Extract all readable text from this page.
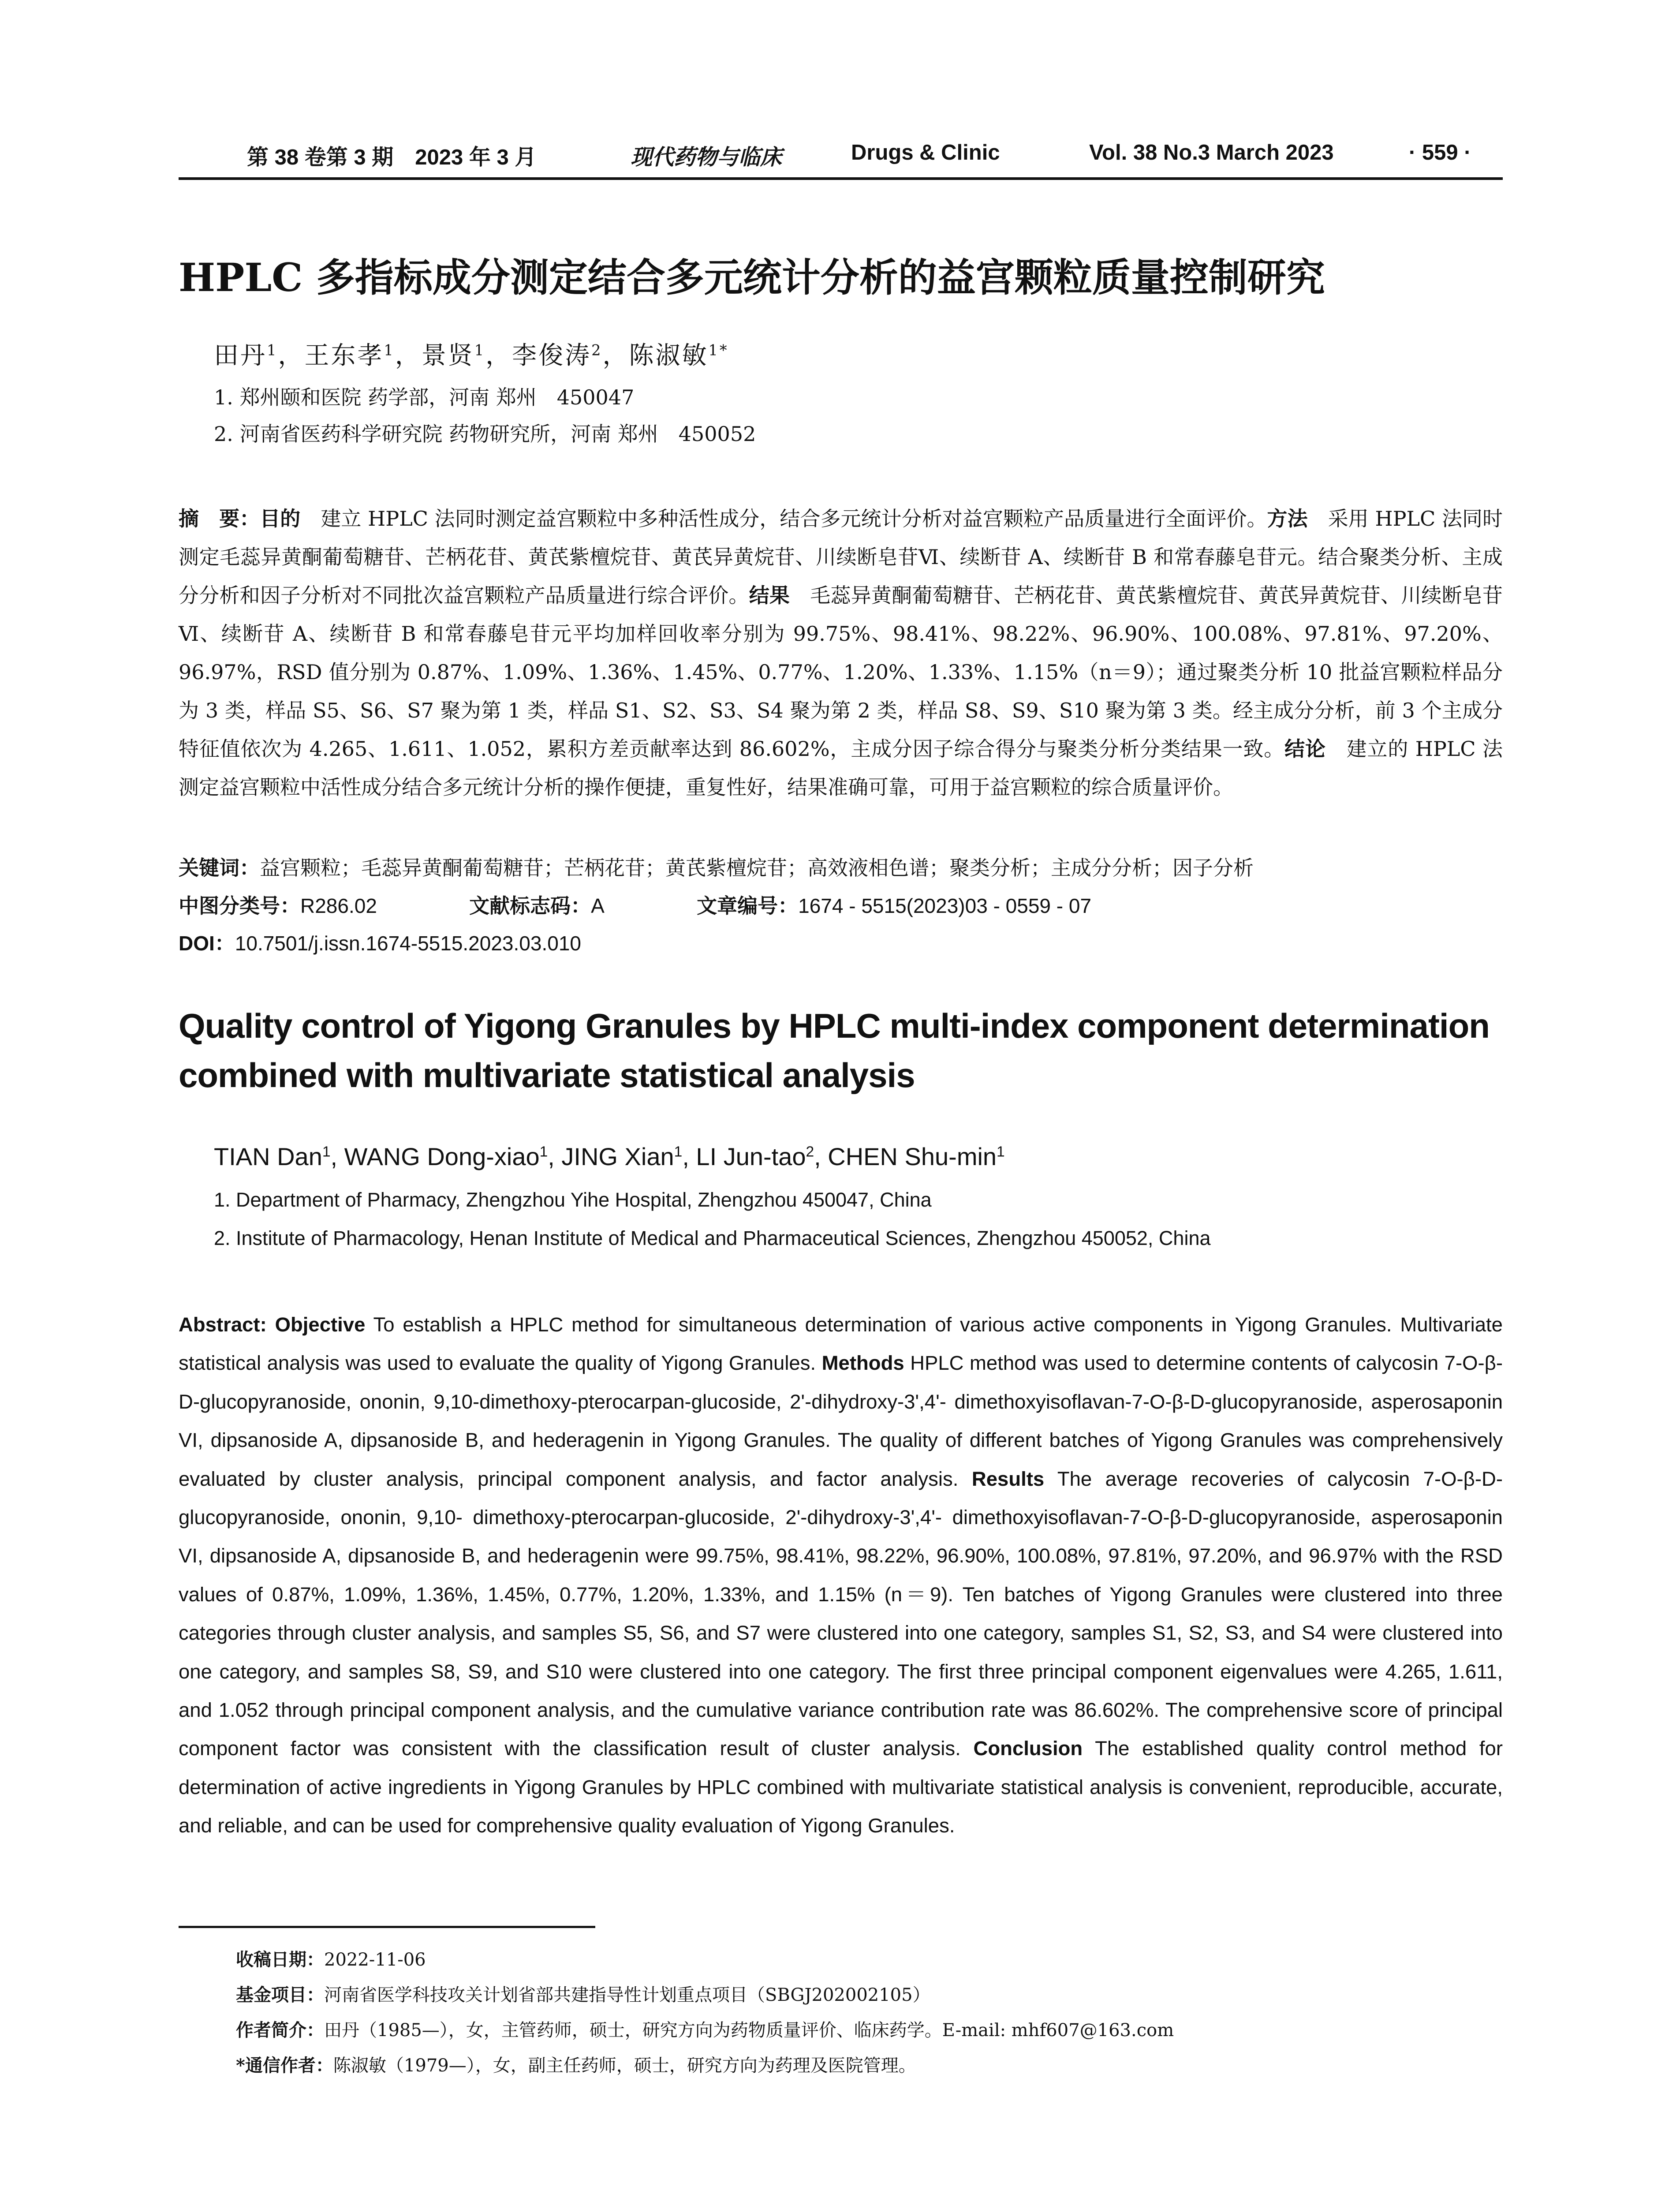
第 38 卷第 3 期　2023 年 3 月	现代药物与临床	Drugs & Clinic	Vol. 38 No.3 March 2023	· 559 ·
HPLC 多指标成分测定结合多元统计分析的益宫颗粒质量控制研究
田丹$^1$，王东孝$^1$，景贤$^1$，李俊涛$^2$，陈淑敏$^{1*}$
1. 郑州颐和医院 药学部，河南 郑州　450047
2. 河南省医药科学研究院 药物研究所，河南 郑州　450052
摘　要：目的　建立 HPLC 法同时测定益宫颗粒中多种活性成分，结合多元统计分析对益宫颗粒产品质量进行全面评价。方法　采用 HPLC 法同时测定毛蕊异黄酮葡萄糖苷、芒柄花苷、黄芪紫檀烷苷、黄芪异黄烷苷、川续断皂苷Ⅵ、续断苷 A、续断苷 B 和常春藤皂苷元。结合聚类分析、主成分分析和因子分析对不同批次益宫颗粒产品质量进行综合评价。结果　毛蕊异黄酮葡萄糖苷、芒柄花苷、黄芪紫檀烷苷、黄芪异黄烷苷、川续断皂苷Ⅵ、续断苷 A、续断苷 B 和常春藤皂苷元平均加样回收率分别为 99.75%、98.41%、98.22%、96.90%、100.08%、97.81%、97.20%、96.97%，RSD 值分别为 0.87%、1.09%、1.36%、1.45%、0.77%、1.20%、1.33%、1.15%（n＝9）；通过聚类分析 10 批益宫颗粒样品分为 3 类，样品 S5、S6、S7 聚为第 1 类，样品 S1、S2、S3、S4 聚为第 2 类，样品 S8、S9、S10 聚为第 3 类。经主成分分析，前 3 个主成分特征值依次为 4.265、1.611、1.052，累积方差贡献率达到 86.602%，主成分因子综合得分与聚类分析分类结果一致。结论　建立的 HPLC 法测定益宫颗粒中活性成分结合多元统计分析的操作便捷，重复性好，结果准确可靠，可用于益宫颗粒的综合质量评价。
关键词：益宫颗粒；毛蕊异黄酮葡萄糖苷；芒柄花苷；黄芪紫檀烷苷；高效液相色谱；聚类分析；主成分分析；因子分析
中图分类号：R286.02	文献标志码：A	文章编号：1674 - 5515(2023)03 - 0559 - 07
DOI：10.7501/j.issn.1674-5515.2023.03.010
Quality control of Yigong Granules by HPLC multi-index component determination combined with multivariate statistical analysis
TIAN Dan$^1$, WANG Dong-xiao$^1$, JING Xian$^1$, LI Jun-tao$^2$, CHEN Shu-$\min^1$
1. Department of Pharmacy, Zhengzhou Yihe Hospital, Zhengzhou 450047, China
2. Institute of Pharmacology, Henan Institute of Medical and Pharmaceutical Sciences, Zhengzhou 450052, China
Abstract: Objective To establish a HPLC method for simultaneous determination of various active components in Yigong Granules. Multivariate statistical analysis was used to evaluate the quality of Yigong Granules. Methods HPLC method was used to determine contents of calycosin 7-O-β-D-glucopyranoside, ononin, 9,10-dimethoxy-pterocarpan-glucoside, 2'-dihydroxy-3',4'- dimethoxyisoflavan-7-O-β-D-glucopyranoside, asperosaponin VI, dipsanoside A, dipsanoside B, and hederagenin in Yigong Granules. The quality of different batches of Yigong Granules was comprehensively evaluated by cluster analysis, principal component analysis, and factor analysis. Results The average recoveries of calycosin 7-O-β-D-glucopyranoside, ononin, 9,10- dimethoxy-pterocarpan-glucoside, 2'-dihydroxy-3',4'- dimethoxyisoflavan-7-O-β-D-glucopyranoside, asperosaponin VI, dipsanoside A, dipsanoside B, and hederagenin were 99.75%, 98.41%, 98.22%, 96.90%, 100.08%, 97.81%, 97.20%, and 96.97% with the RSD values of 0.87%, 1.09%, 1.36%, 1.45%, 0.77%, 1.20%, 1.33%, and 1.15% (n＝9). Ten batches of Yigong Granules were clustered into three categories through cluster analysis, and samples S5, S6, and S7 were clustered into one category, samples S1, S2, S3, and S4 were clustered into one category, and samples S8, S9, and S10 were clustered into one category. The first three principal component eigenvalues were 4.265, 1.611, and 1.052 through principal component analysis, and the cumulative variance contribution rate was 86.602%. The comprehensive score of principal component factor was consistent with the classification result of cluster analysis. Conclusion The established quality control method for determination of active ingredients in Yigong Granules by HPLC combined with multivariate statistical analysis is convenient, reproducible, accurate, and reliable, and can be used for comprehensive quality evaluation of Yigong Granules.
收稿日期：2022-11-06
基金项目：河南省医学科技攻关计划省部共建指导性计划重点项目（SBGJ202002105）
作者简介：田丹（1985—），女，主管药师，硕士，研究方向为药物质量评价、临床药学。E-mail: mhf607@163.com
*通信作者：陈淑敏（1979—），女，副主任药师，硕士，研究方向为药理及医院管理。
